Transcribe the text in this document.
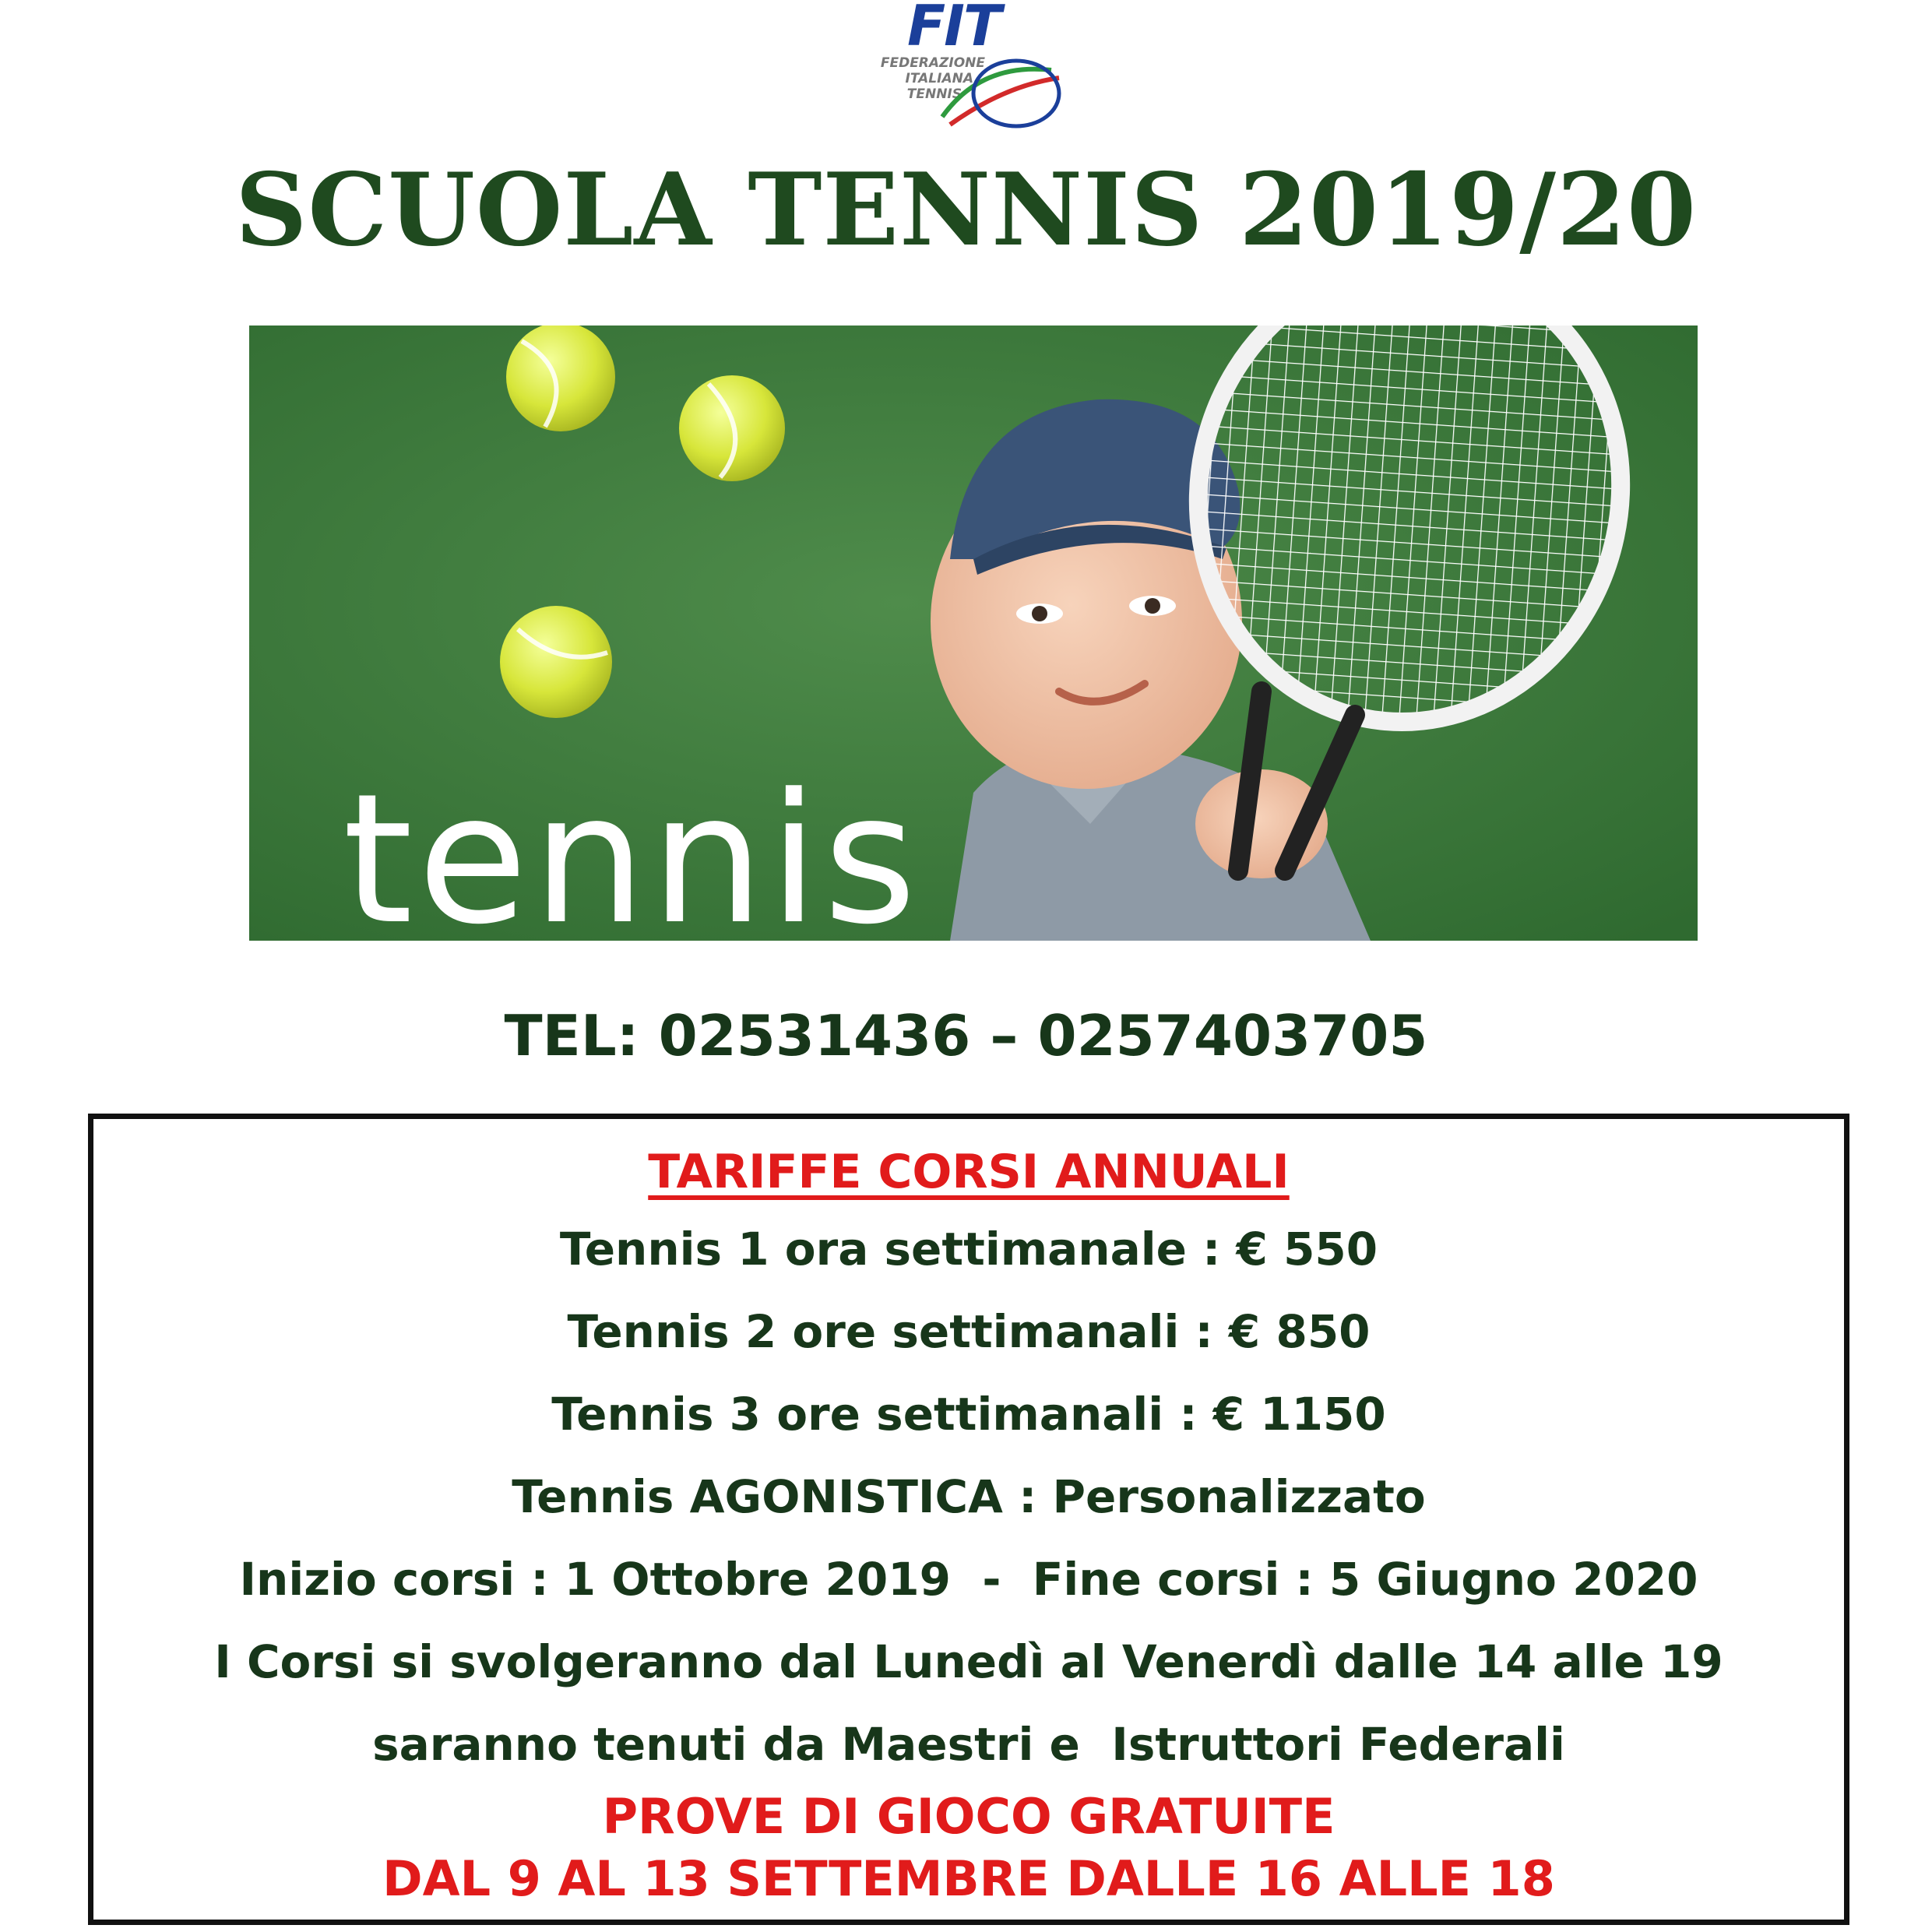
FIT
FEDERAZIONE
ITALIANA
TENNIS
SCUOLA TENNIS 2019/20
tennis
TEL: 02531436 – 0257403705
TARIFFE CORSI ANNUALI
Tennis 1 ora settimanale : € 550
Tennis 2 ore settimanali : € 850
Tennis 3 ore settimanali : € 1150
Tennis AGONISTICA : Personalizzato
Inizio corsi : 1 Ottobre 2019  -  Fine corsi : 5 Giugno 2020
I Corsi si svolgeranno dal Lunedì al Venerdì dalle 14 alle 19
saranno tenuti da Maestri e  Istruttori Federali
PROVE DI GIOCO GRATUITE
DAL 9 AL 13 SETTEMBRE DALLE 16 ALLE 18
